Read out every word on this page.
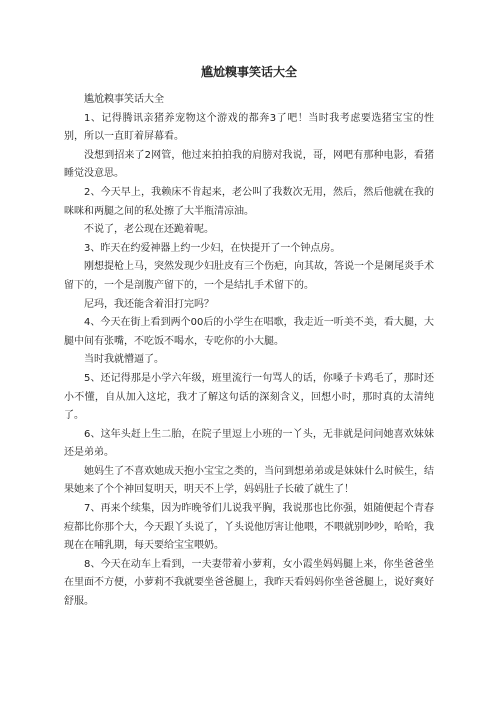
尴尬糗事笑话大全

尴尬糗事笑话大全

1、记得腾讯亲猪养宠物这个游戏的都奔3了吧！当时我考虑要选猪宝宝的性别，所以一直盯着屏幕看。

没想到招来了2网管，他过来拍拍我的肩膀对我说，哥，网吧有那种电影，看猪睡觉没意思。

2、今天早上，我赖床不肯起来，老公叫了我数次无用，然后，然后他就在我的咪咪和两腿之间的私处擦了大半瓶清凉油。

不说了，老公现在还跪着呢。

3、昨天在约爱神器上约一少妇，在快提开了一个钟点房。

刚想提枪上马，突然发现少妇肚皮有三个伤疤，向其故，答说一个是阑尾炎手术留下的，一个是剖腹产留下的，一个是结扎手术留下的。

尼玛，我还能含着泪打完吗？

4、今天在街上看到两个00后的小学生在唱歌，我走近一听美不美，看大腿，大腿中间有张嘴，不吃饭不喝水，专吃你的小大腿。

当时我就懵逼了。

5、还记得那是小学六年级，班里流行一句骂人的话，你嗓子卡鸡毛了，那时还小不懂，自从加入这坨，我才了解这句话的深刻含义，回想小时，那时真的太清纯了。

6、这年头赶上生二胎，在院子里逗上小班的一丫头，无非就是问问她喜欢妹妹还是弟弟。

她妈生了不喜欢她成天抱小宝宝之类的，当问到想弟弟或是妹妹什么时候生，结果她来了个个神回复明天，明天不上学，妈妈肚子长破了就生了！

7、再来个续集，因为昨晚爷们儿说我平胸，我说那也比你强，姐随便起个青春痘都比你那个大，今天跟丫头说了，丫头说他厉害让他喂，不喂就别吵吵，哈哈，我现在在哺乳期，每天要给宝宝喂奶。

8、今天在动车上看到，一夫妻带着小萝莉，女小霞坐妈妈腿上来，你坐爸爸坐在里面不方便，小萝莉不我就要坐爸爸腿上，我昨天看妈妈你坐爸爸腿上，说好爽好舒服。
